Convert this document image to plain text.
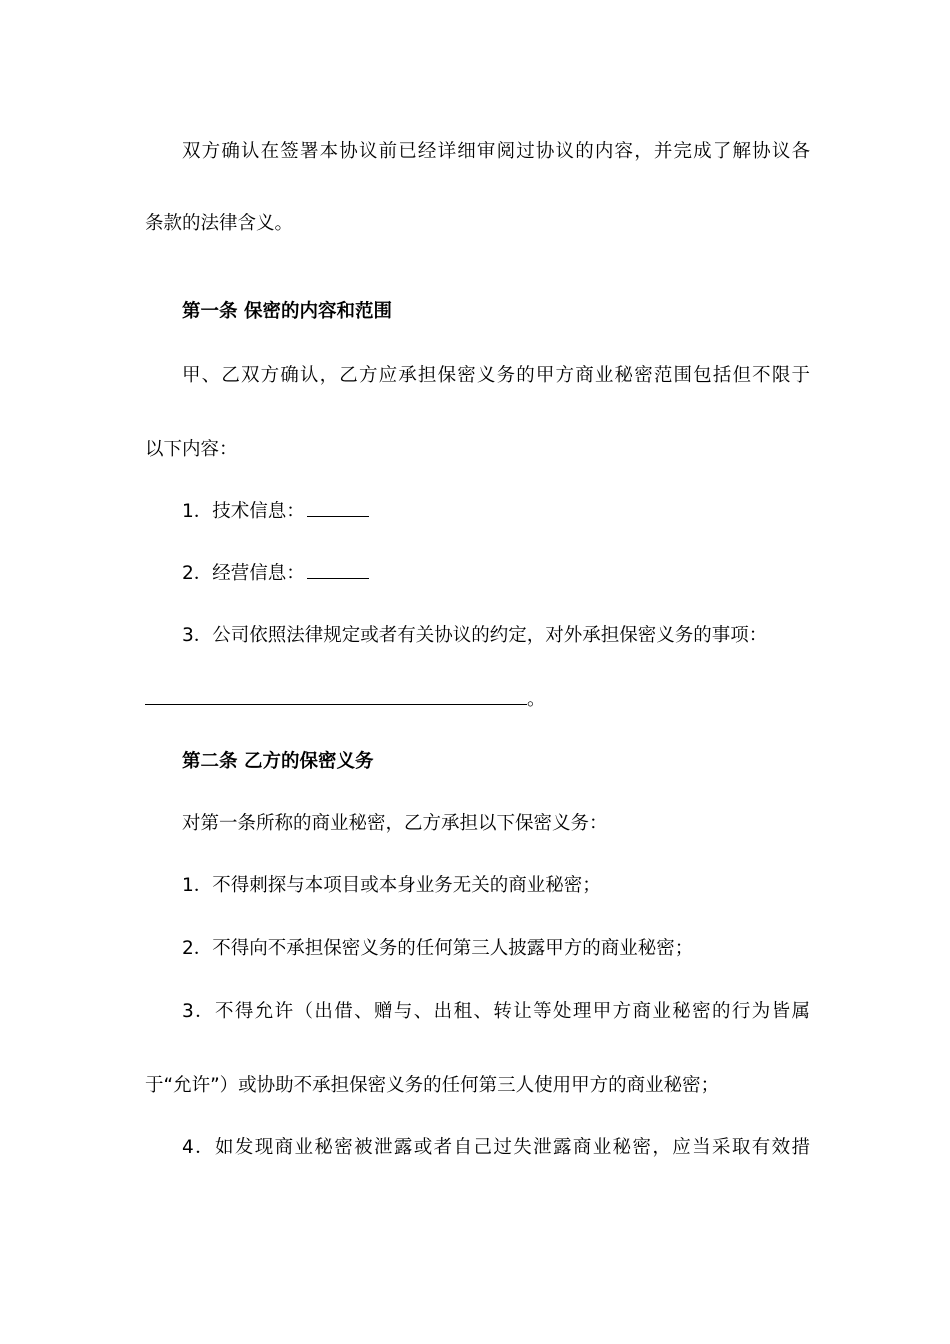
双方确认在签署本协议前已经详细审阅过协议的内容，并完成了解协议各
条款的法律含义。
第一条 保密的内容和范围
甲、乙双方确认，乙方应承担保密义务的甲方商业秘密范围包括但不限于
以下内容：
1．技术信息：
2．经营信息：
3．公司依照法律规定或者有关协议的约定，对外承担保密义务的事项：
。
第二条 乙方的保密义务
对第一条所称的商业秘密，乙方承担以下保密义务：
1．不得刺探与本项目或本身业务无关的商业秘密；
2．不得向不承担保密义务的任何第三人披露甲方的商业秘密；
3．不得允许（出借、赠与、出租、转让等处理甲方商业秘密的行为皆属
于“允许”）或协助不承担保密义务的任何第三人使用甲方的商业秘密；
4．如发现商业秘密被泄露或者自己过失泄露商业秘密，应当采取有效措
